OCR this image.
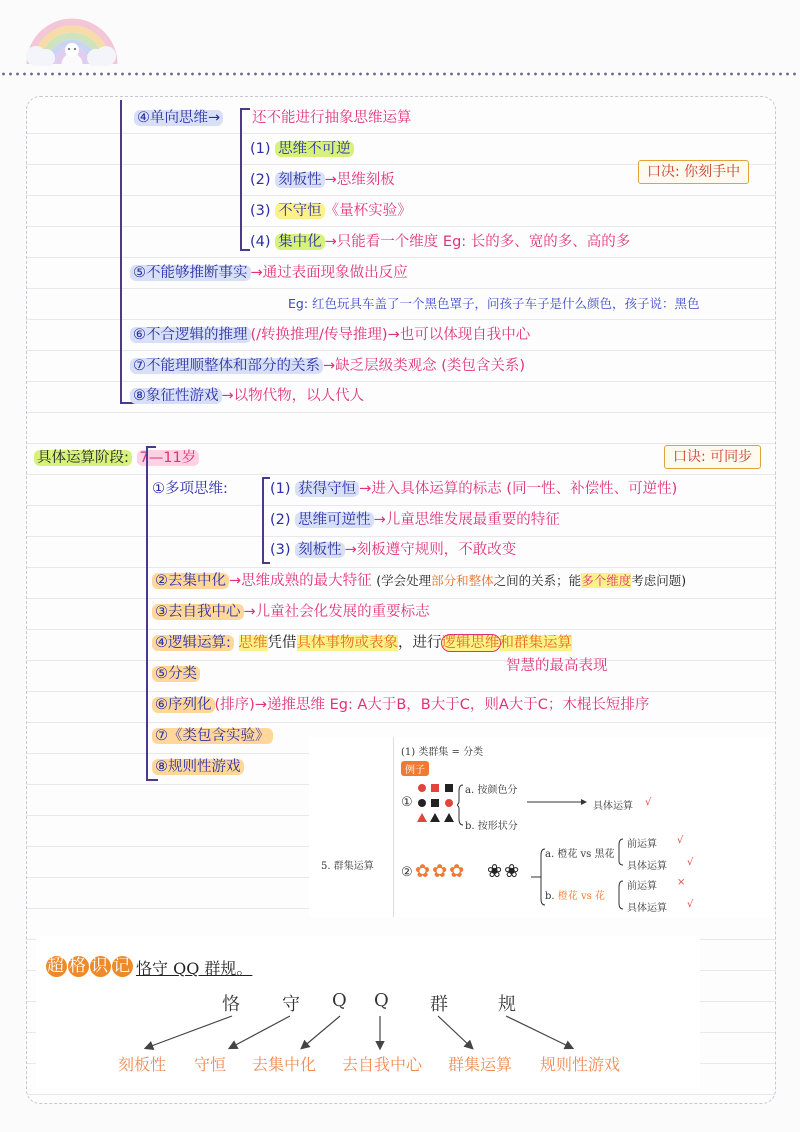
④单向思维→ 还不能进行抽象思维运算
(1) 思维不可逆
(2) 刻板性 →思维刻板
(3) 不守恒 《量杯实验》
(4) 集中化 →只能看一个维度 Eg: 长的多、宽的多、高的多
口决: 你刻手中
⑤不能够推断事实 →通过表面现象做出反应
Eg: 红色玩具车盖了一个黑色罩子，问孩子车子是什么颜色，孩子说：黑色
⑥不合逻辑的推理 (/转换推理/传导推理)→也可以体现自我中心
⑦不能理顺整体和部分的关系 →缺乏层级类观念 (类包含关系)
⑧象征性游戏 →以物代物，以人代人
具体运算阶段: 7—11岁	口诀: 可同步
①多项思维:	(1) 获得守恒 →进入具体运算的标志 (同一性、补偿性、可逆性)
(2) 思维可逆性 →儿童思维发展最重要的特征
(3) 刻板性 →刻板遵守规则，不敢改变
②去集中化 →思维成熟的最大特征 (学会处理部分和整体之间的关系；能多个维度考虑问题)
③去自我中心 →儿童社会化发展的重要标志
④逻辑运算: 思维凭借具体事物或表象，进行逻辑思维和群集运算
智慧的最高表现
⑤分类
⑥序列化 (排序)→递推思维 Eg: A大于B，B大于C，则A大于C；木棍长短排序
⑦《类包含实验》
⑧规则性游戏
5. 群集运算
(1) 类群集 = 分类
例子
①
a. 按颜色分
b. 按形状分
具体运算 √
② ✿✿✿ ❀❀
a. 橙花 vs 黑花
b. 橙花 vs 花
前运算 √
具体运算 √
前运算 ×
具体运算 √
超 格 识 记 恪守 QQ 群规。
恪 守 Q Q 群	规
刻板性 守恒 去集中化 去自我中心 群集运算 规则性游戏
